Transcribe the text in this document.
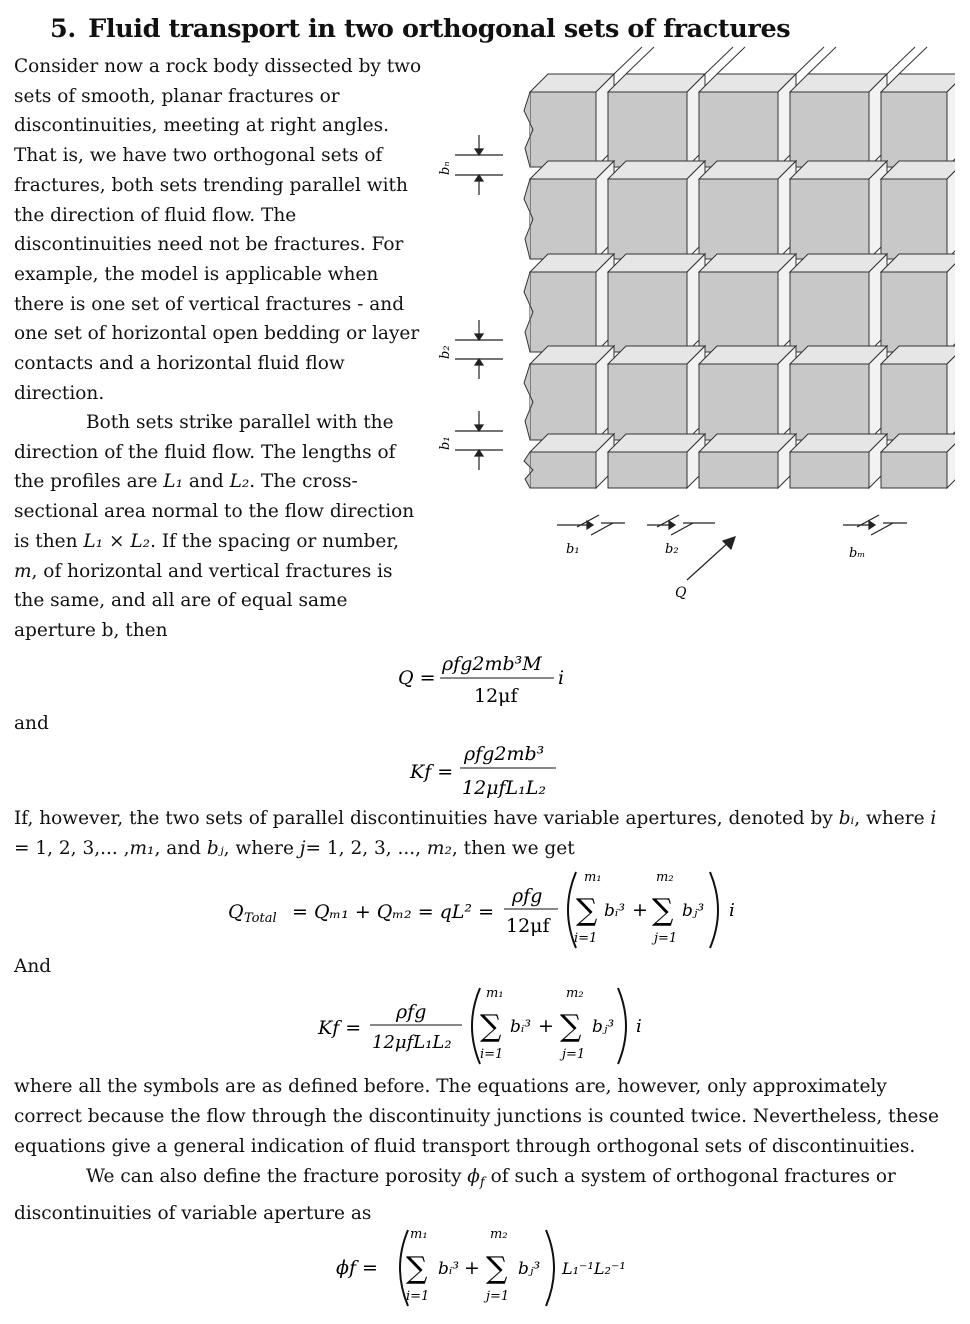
5. Fluid transport in two orthogonal sets of fractures

Consider now a rock body dissected by two sets of smooth, planar fractures or discontinuities, meeting at right angles. That is, we have two orthogonal sets of fractures, both sets trending parallel with the direction of fluid flow. The discontinuities need not be fractures. For example, the model is applicable when there is one set of vertical fractures - and one set of horizontal open bedding or layer contacts and a horizontal fluid flow direction.

Both sets strike parallel with the direction of the fluid flow. The lengths of the profiles are L₁ and L₂. The cross-sectional area normal to the flow direction is then L₁ × L₂. If the spacing or number, m, of horizontal and vertical fractures is the same, and all are of equal same aperture b, then

bₙ
b₂
b₁
b₁	b₂	bₘ
Q
Q =
ρfg2mb³M
12μf
i

and

Kf =
ρfg2mb³
12μfL₁L₂

If, however, the two sets of parallel discontinuities have variable apertures, denoted by bᵢ, where i = 1, 2, 3,... ,m₁, and bⱼ, where j= 1, 2, 3, ..., m₂, then we get

Q Total = Qₘ₁ + Qₘ₂ = qL² =
ρfg
12μf
m₁
∑
i=1
bᵢ³ +
m₂
∑
j=1
bⱼ³ i

And

Kf =
ρfg
12μfL₁L₂
m₁
∑
i=1
bᵢ³ +
m₂
∑
j=1
bⱼ³ i

where all the symbols are as defined before. The equations are, however, only approximately correct because the flow through the discontinuity junctions is counted twice. Nevertheless, these equations give a general indication of fluid transport through orthogonal sets of discontinuities.
We can also define the fracture porosity $\phi_f$ of such a system of orthogonal fractures or discontinuities of variable aperture as

ϕf =
m₁
∑
i=1
bᵢ³ +
m₂
∑
j=1
bⱼ³ L₁⁻¹L₂⁻¹
